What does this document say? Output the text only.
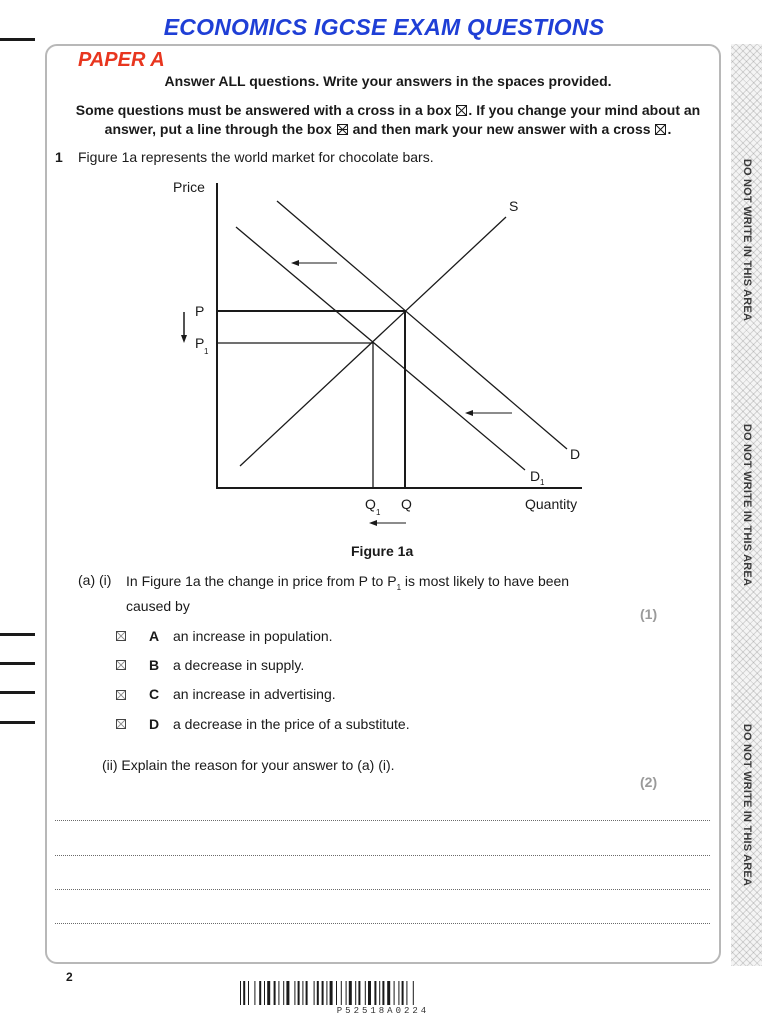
ECONOMICS IGCSE EXAM QUESTIONS
PAPER A
Answer ALL questions. Write your answers in the spaces provided.
Some questions must be answered with a cross in a box ☒. If you change your mind about an answer, put a line through the box and then mark your new answer with a cross ☒.
1 Figure 1a represents the world market for chocolate bars.
Price
Quantity
P
P
1
Q
Q
1
S
D
D 1
Figure 1a
(a) (i) In Figure 1a the change in price from P to $P_1$ is most likely to have been caused by
(1)
A an increase in population.
B a decrease in supply.
C an increase in advertising.
D a decrease in the price of a substitute.
(ii) Explain the reason for your answer to (a) (i).
(2)
DO NOT WRITE IN THIS AREA
DO NOT WRITE IN THIS AREA
DO NOT WRITE IN THIS AREA
2
P52518A0224
